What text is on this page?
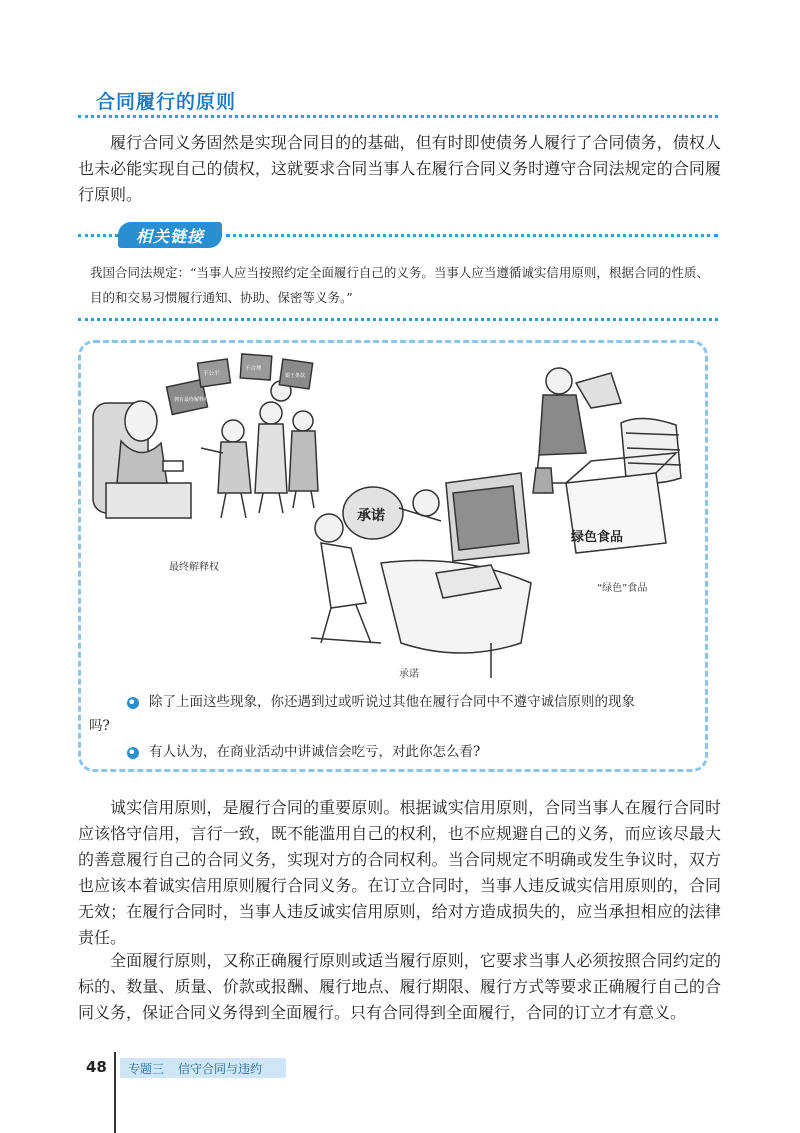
合同履行的原则

履行合同义务固然是实现合同目的的基础，但有时即使债务人履行了合同债务，债权人也未必能实现自己的债权，这就要求合同当事人在履行合同义务时遵守合同法规定的合同履行原则。

相关链接

我国合同法规定：“当事人应当按照约定全面履行自己的义务。当事人应当遵循诚实信用原则，根据合同的性质、目的和交易习惯履行通知、协助、保密等义务。”

拥有最终解释权
不公平
不合理
霸王条款
承诺
绿色食品
最终解释权
承诺
“绿色”食品
除了上面这些现象，你还遇到过或听说过其他在履行合同中不遵守诚信原则的现象
吗?
有人认为，在商业活动中讲诚信会吃亏，对此你怎么看?

诚实信用原则，是履行合同的重要原则。根据诚实信用原则，合同当事人在履行合同时应该恪守信用，言行一致，既不能滥用自己的权利，也不应规避自己的义务，而应该尽最大的善意履行自己的合同义务，实现对方的合同权利。当合同规定不明确或发生争议时，双方也应该本着诚实信用原则履行合同义务。在订立合同时，当事人违反诚实信用原则的，合同无效；在履行合同时，当事人违反诚实信用原则，给对方造成损失的，应当承担相应的法律责任。

全面履行原则，又称正确履行原则或适当履行原则，它要求当事人必须按照合同约定的标的、数量、质量、价款或报酬、履行地点、履行期限、履行方式等要求正确履行自己的合同义务，保证合同义务得到全面履行。只有合同得到全面履行，合同的订立才有意义。

48 专题三 信守合同与违约
